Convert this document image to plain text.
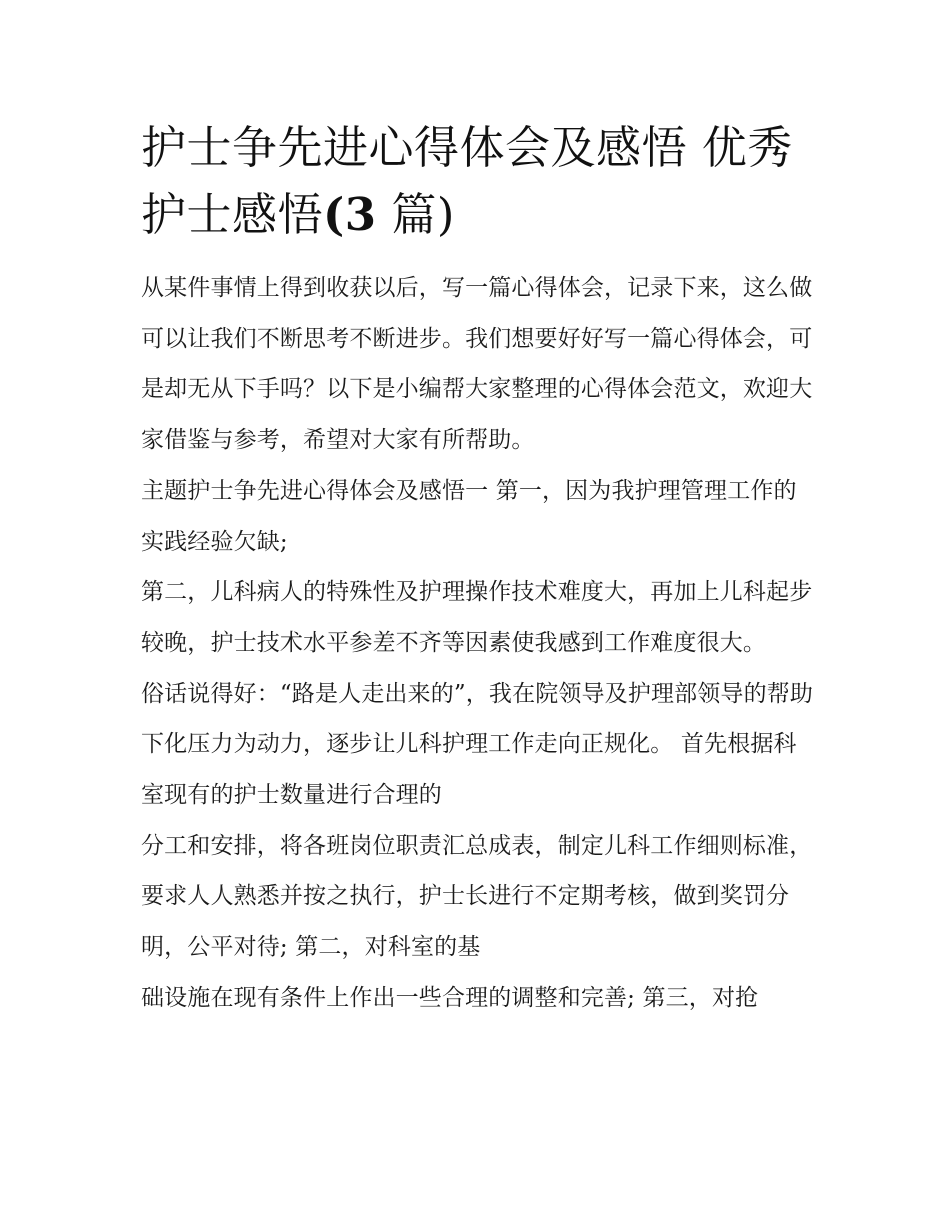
护士争先进心得体会及感悟 优秀护士感悟(3 篇)

从某件事情上得到收获以后，写一篇心得体会，记录下来，这么做可以让我们不断思考不断进步。我们想要好好写一篇心得体会，可是却无从下手吗？以下是小编帮大家整理的心得体会范文，欢迎大家借鉴与参考，希望对大家有所帮助。

主题护士争先进心得体会及感悟一 第一，因为我护理管理工作的实践经验欠缺;

第二，儿科病人的特殊性及护理操作技术难度大，再加上儿科起步较晚，护士技术水平参差不齐等因素使我感到工作难度很大。

俗话说得好：“路是人走出来的”，我在院领导及护理部领导的帮助下化压力为动力，逐步让儿科护理工作走向正规化。 首先根据科室现有的护士数量进行合理的

分工和安排，将各班岗位职责汇总成表，制定儿科工作细则标准，要求人人熟悉并按之执行，护士长进行不定期考核，做到奖罚分明，公平对待; 第二，对科室的基

础设施在现有条件上作出一些合理的调整和完善; 第三，对抢
